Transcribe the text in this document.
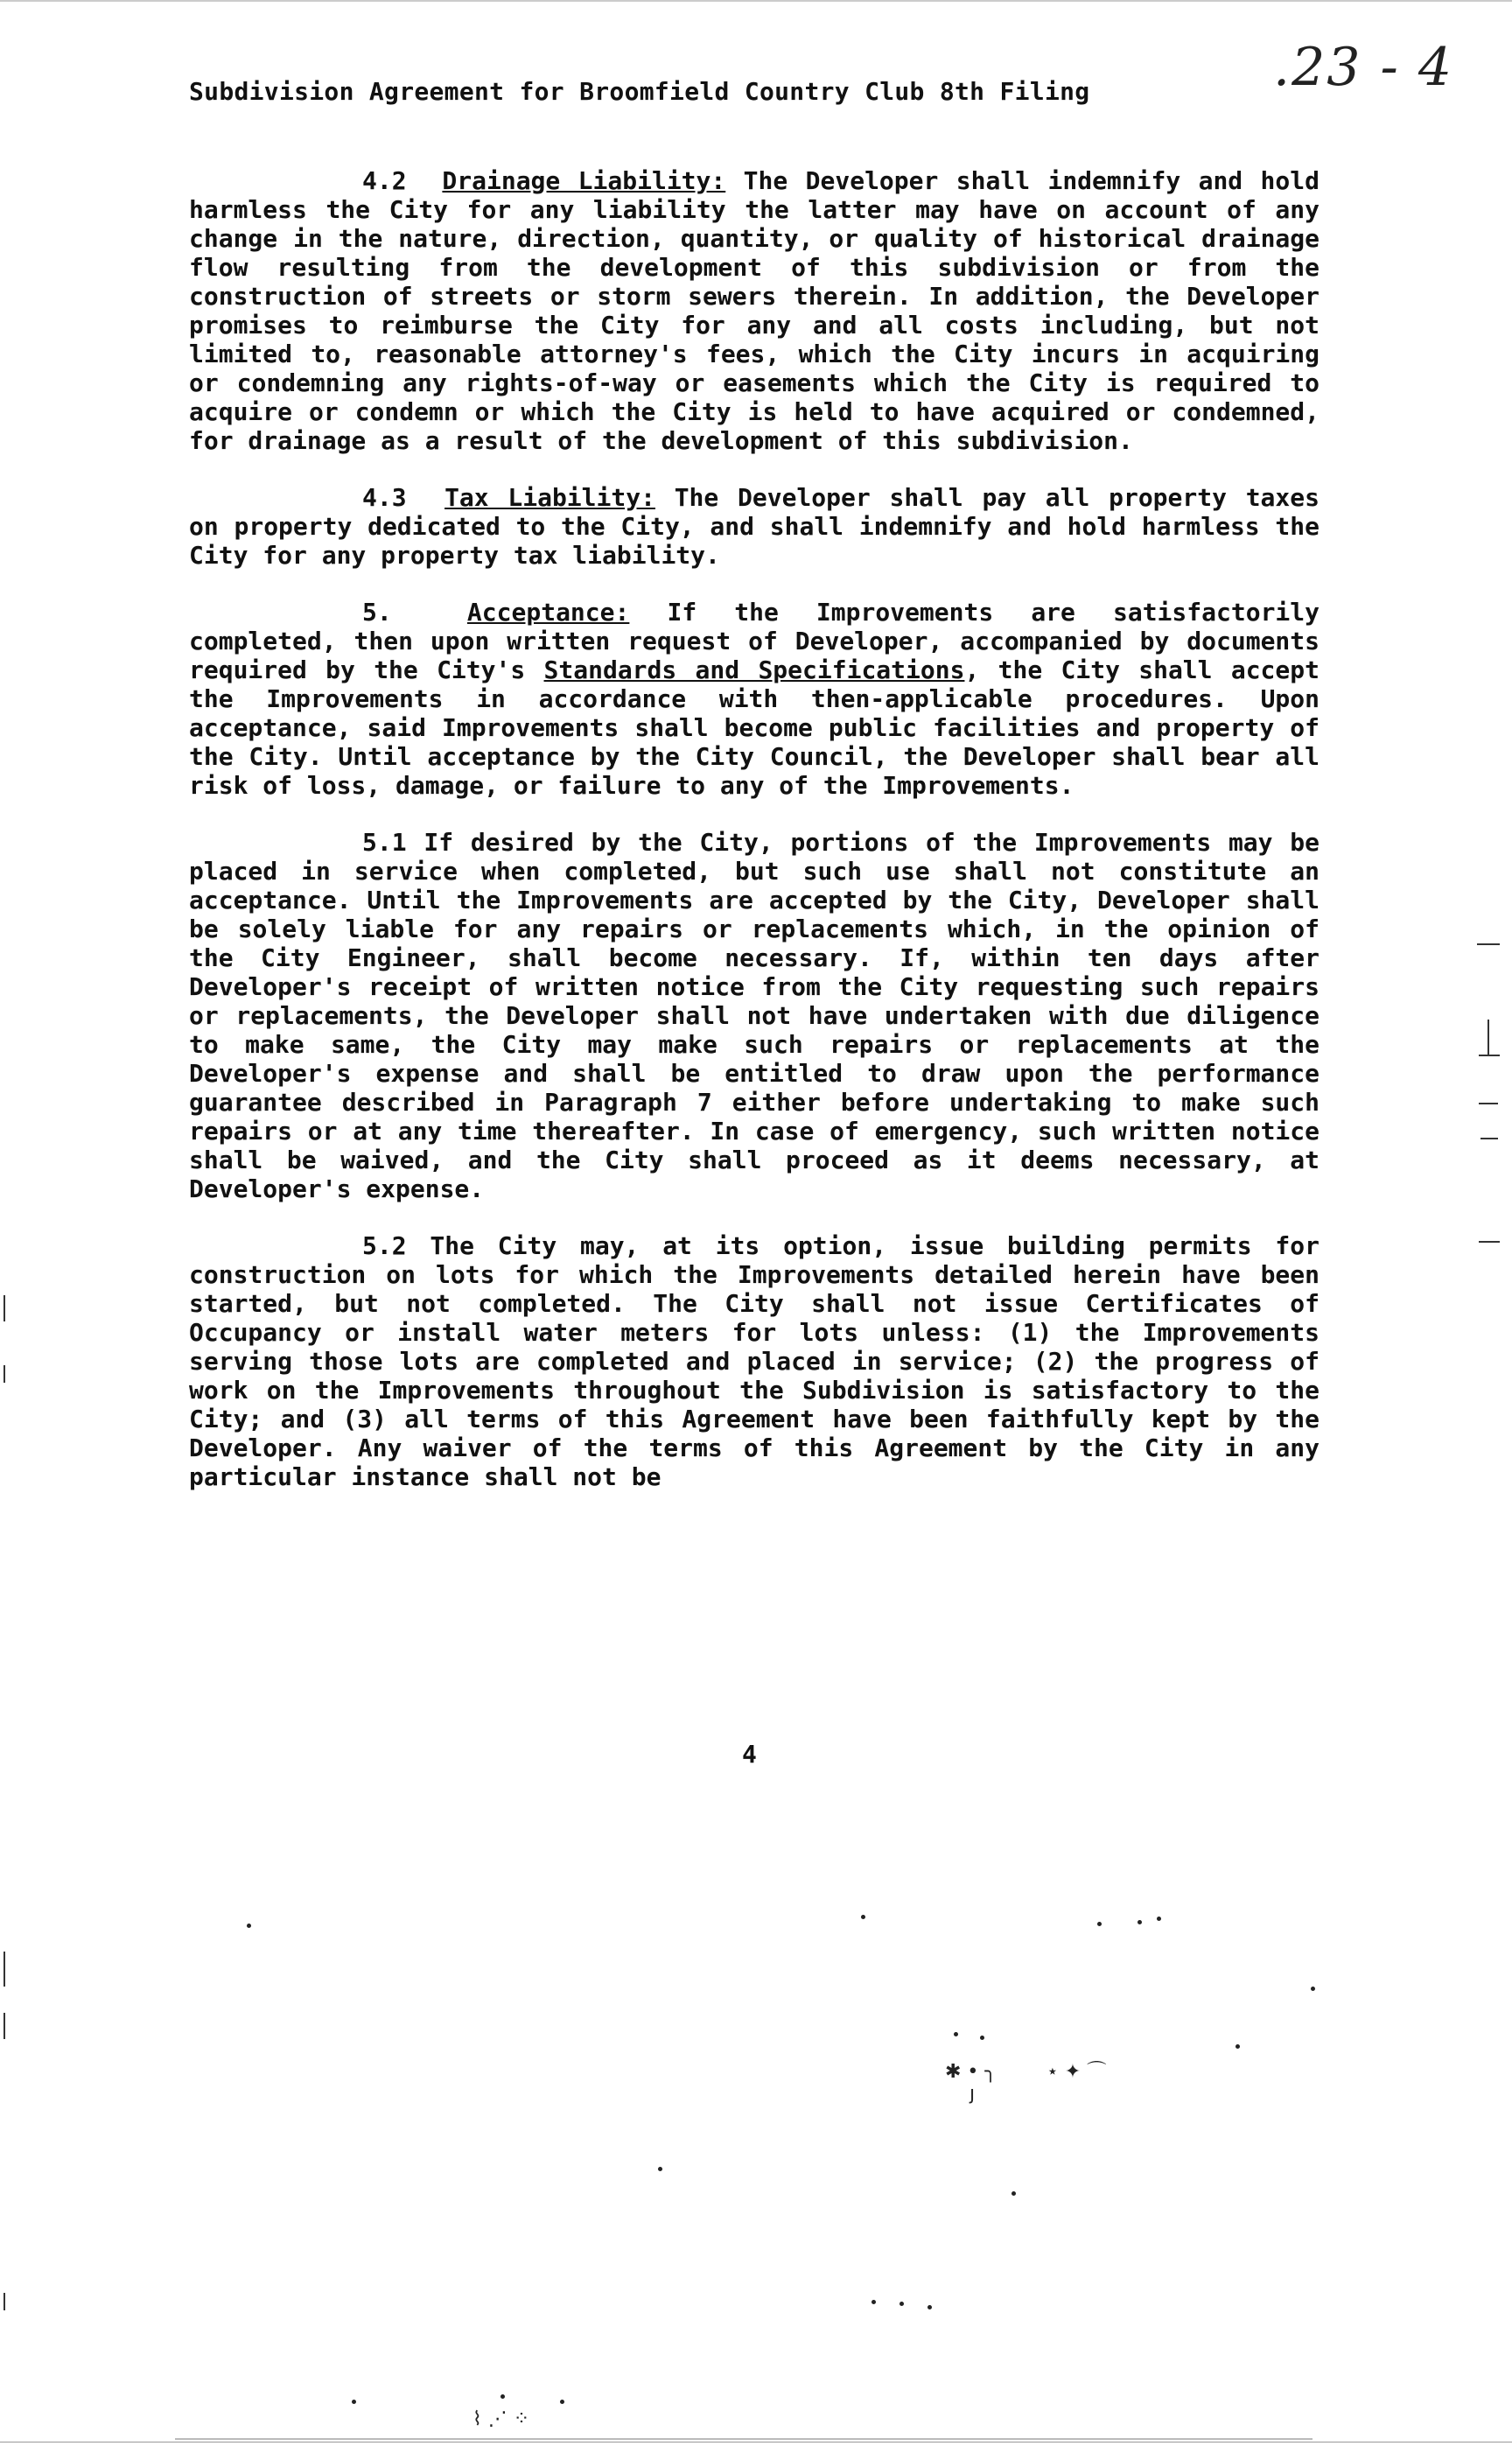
Subdivision Agreement for Broomfield Country Club 8th Filing	.23 - 4

4.2 Drainage Liability: The Developer shall indemnify and hold harmless the City for any liability the latter may have on account of any change in the nature, direction, quantity, or quality of historical drainage flow resulting from the development of this subdivision or from the construction of streets or storm sewers therein. In addition, the Developer promises to reimburse the City for any and all costs including, but not limited to, reasonable attorney's fees, which the City incurs in acquiring or condemning any rights-of-way or easements which the City is required to acquire or condemn or which the City is held to have acquired or condemned, for drainage as a result of the development of this subdivision.

4.3 Tax Liability: The Developer shall pay all property taxes on property dedicated to the City, and shall indemnify and hold harmless the City for any property tax liability.

5.	Acceptance: If the Improvements are satisfactorily completed, then upon written request of Developer, accompanied by documents required by the City's Standards and Specifications, the City shall accept the Improvements in accordance with then-applicable procedures. Upon acceptance, said Improvements shall become public facilities and property of the City. Until acceptance by the City Council, the Developer shall bear all risk of loss, damage, or failure to any of the Improvements.

5.1 If desired by the City, portions of the Improvements may be placed in service when completed, but such use shall not constitute an acceptance. Until the Improvements are accepted by the City, Developer shall be solely liable for any repairs or replacements which, in the opinion of the City Engineer, shall become necessary. If, within ten days after Developer's receipt of written notice from the City requesting such repairs or replacements, the Developer shall not have undertaken with due diligence to make same, the City may make such repairs or replacements at the Developer's expense and shall be entitled to draw upon the performance guarantee described in Paragraph 7 either before undertaking to make such repairs or at any time thereafter. In case of emergency, such written notice shall be waived, and the City shall proceed as it deems necessary, at Developer's expense.

5.2 The City may, at its option, issue building permits for construction on lots for which the Improvements detailed herein have been started, but not completed. The City shall not issue Certificates of Occupancy or install water meters for lots unless: (1) the Improvements serving those lots are completed and placed in service; (2) the progress of work on the Improvements throughout the Subdivision is satisfactory to the City; and (3) all terms of this Agreement have been faithfully kept by the Developer. Any waiver of the terms of this Agreement by the City in any particular instance shall not be

4
✱ • ╮	⋆ ✦ ⌒
ȷ
⌇ ⋰ ⁘
